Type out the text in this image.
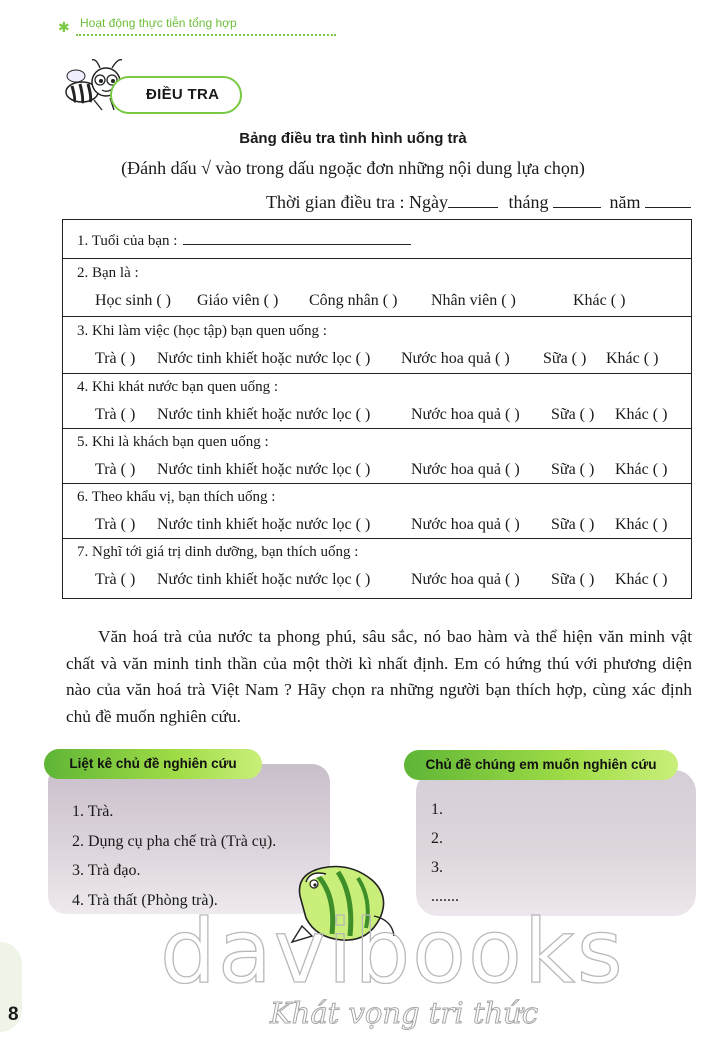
✱ Hoạt động thực tiễn tổng hợp
ĐIỀU TRA
Bảng điều tra tình hình uống trà
(Đánh dấu √ vào trong dấu ngoặc đơn những nội dung lựa chọn)
Thời gian điều tra : Ngày	tháng	năm
1. Tuổi của bạn :
2. Bạn là :
Học sinh ( ) Giáo viên ( ) Công nhân ( ) Nhân viên ( )	Khác ( )
3. Khi làm việc (học tập) bạn quen uống :
Trà ( ) Nước tinh khiết hoặc nước lọc ( ) Nước hoa quả ( ) Sữa ( ) Khác ( )
4. Khi khát nước bạn quen uống :
Trà ( ) Nước tinh khiết hoặc nước lọc ( )	Nước hoa quả ( ) Sữa ( ) Khác ( )
5. Khi là khách bạn quen uống :
Trà ( ) Nước tinh khiết hoặc nước lọc ( )	Nước hoa quả ( ) Sữa ( ) Khác ( )
6. Theo khẩu vị, bạn thích uống :
Trà ( ) Nước tinh khiết hoặc nước lọc ( )	Nước hoa quả ( ) Sữa ( ) Khác ( )
7. Nghĩ tới giá trị dinh dưỡng, bạn thích uống :
Trà ( ) Nước tinh khiết hoặc nước lọc ( )	Nước hoa quả ( ) Sữa ( ) Khác ( )
Văn hoá trà của nước ta phong phú, sâu sắc, nó bao hàm và thể hiện văn minh vật chất và văn minh tinh thần của một thời kì nhất định. Em có hứng thú với phương diện nào của văn hoá trà Việt Nam ? Hãy chọn ra những người bạn thích hợp, cùng xác định chủ đề muốn nghiên cứu.
Liệt kê chủ đề nghiên cứu
1. Trà.
2. Dụng cụ pha chế trà (Trà cụ).
3. Trà đạo.
4. Trà thất (Phòng trà).
Chủ đề chúng em muốn nghiên cứu
1.
2.
3.
.......
davibooks
Khát vọng tri thức
8
